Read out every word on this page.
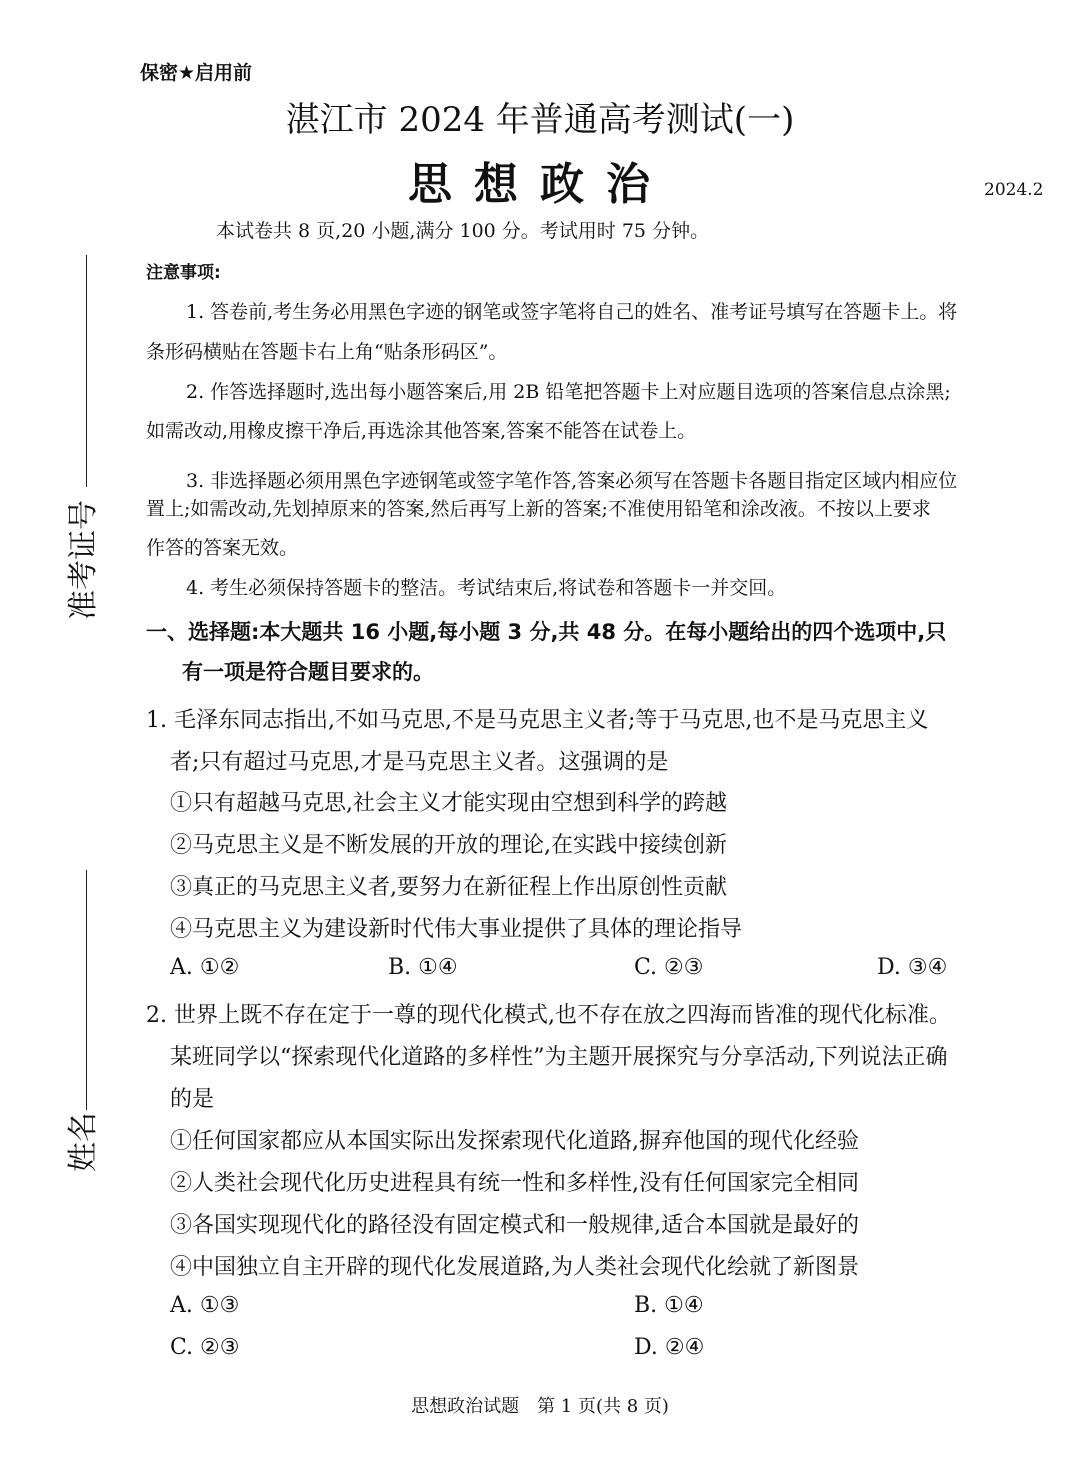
保密★启用前
湛江市 2024 年普通高考测试(一)
思想政治	2024.2
本试卷共 8 页,20 小题,满分 100 分。考试用时 75 分钟。
注意事项:
1. 答卷前,考生务必用黑色字迹的钢笔或签字笔将自己的姓名、准考证号填写在答题卡上。将
条形码横贴在答题卡右上角“贴条形码区”。
2. 作答选择题时,选出每小题答案后,用 2B 铅笔把答题卡上对应题目选项的答案信息点涂黑;
如需改动,用橡皮擦干净后,再选涂其他答案,答案不能答在试卷上。
3. 非选择题必须用黑色字迹钢笔或签字笔作答,答案必须写在答题卡各题目指定区域内相应位
置上;如需改动,先划掉原来的答案,然后再写上新的答案;不准使用铅笔和涂改液。不按以上要求
作答的答案无效。
4. 考生必须保持答题卡的整洁。考试结束后,将试卷和答题卡一并交回。
一、选择题:本大题共 16 小题,每小题 3 分,共 48 分。在每小题给出的四个选项中,只
有一项是符合题目要求的。
1. 毛泽东同志指出,不如马克思,不是马克思主义者;等于马克思,也不是马克思主义
者;只有超过马克思,才是马克思主义者。这强调的是
①只有超越马克思,社会主义才能实现由空想到科学的跨越
②马克思主义是不断发展的开放的理论,在实践中接续创新
③真正的马克思主义者,要努力在新征程上作出原创性贡献
④马克思主义为建设新时代伟大事业提供了具体的理论指导
A. ①②	B. ①④	C. ②③	D. ③④
2. 世界上既不存在定于一尊的现代化模式,也不存在放之四海而皆准的现代化标准。
某班同学以“探索现代化道路的多样性”为主题开展探究与分享活动,下列说法正确
的是
①任何国家都应从本国实际出发探索现代化道路,摒弃他国的现代化经验
②人类社会现代化历史进程具有统一性和多样性,没有任何国家完全相同
③各国实现现代化的路径没有固定模式和一般规律,适合本国就是最好的
④中国独立自主开辟的现代化发展道路,为人类社会现代化绘就了新图景
A. ①③	B. ①④
C. ②③	D. ②④
准考证号
姓名
思想政治试题　第 1 页(共 8 页)
